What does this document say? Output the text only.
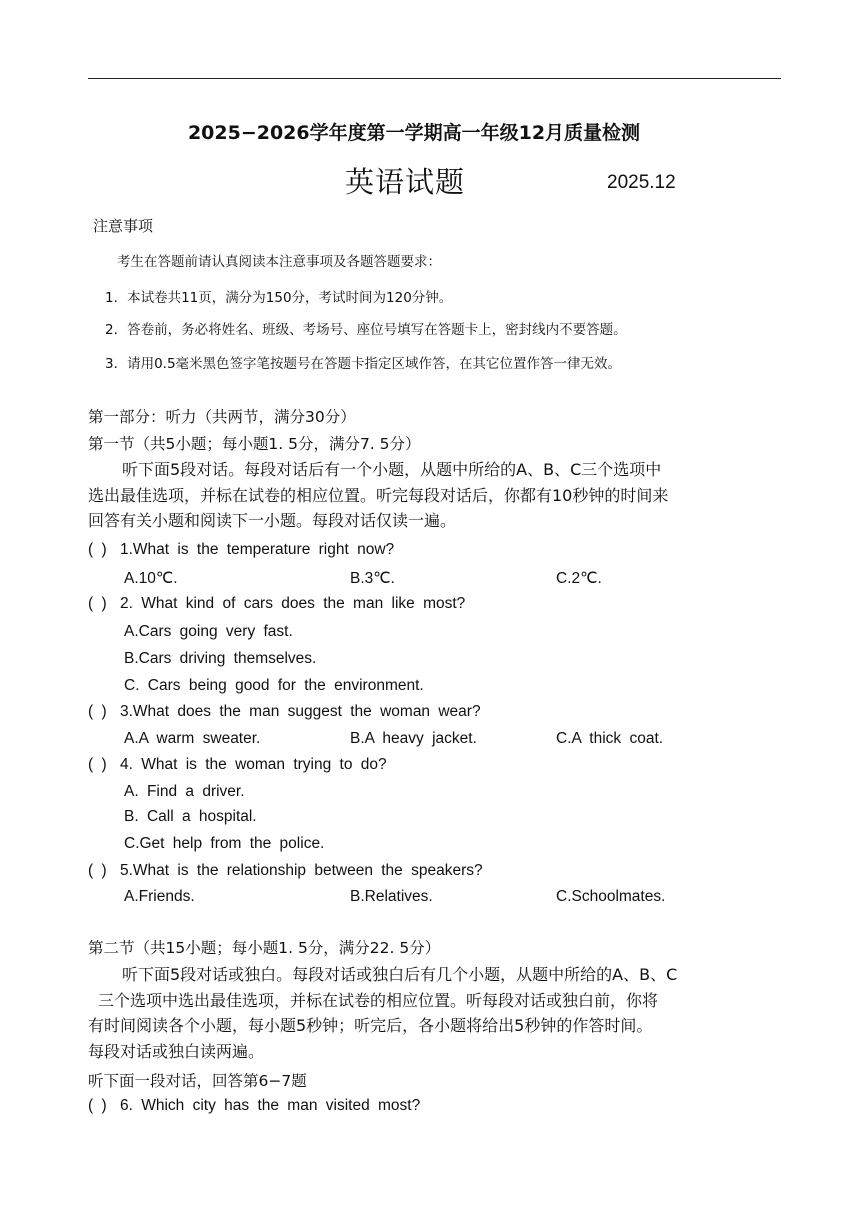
2025−2026学年度第一学期高一年级12月质量检测
英语试题	2025.12
注意事项
考生在答题前请认真阅读本注意事项及各题答题要求：
1．本试卷共11页，满分为150分，考试时间为120分钟。
2．答卷前，务必将姓名、班级、考场号、座位号填写在答题卡上，密封线内不要答题。
3．请用0.5毫米黑色签字笔按题号在答题卡指定区域作答，在其它位置作答一律无效。
第一部分：听力（共两节，满分30分）
第一节（共5小题；每小题1. 5分，满分7. 5分）

听下面5段对话。每段对话后有一个小题，从题中所给的A、B、C三个选项中

选出最佳选项，并标在试卷的相应位置。听完每段对话后，你都有10秒钟的时间来

回答有关小题和阅读下一小题。每段对话仅读一遍。

( ) 1.What is the temperature right now?
A.10℃.	B.3℃.	C.2℃.
( ) 2. What kind of cars does the man like most?
A.Cars going very fast.
B.Cars driving themselves.
C. Cars being good for the environment.
( ) 3.What does the man suggest the woman wear?
A.A warm sweater.	B.A heavy jacket.	C.A thick coat.
( ) 4. What is the woman trying to do?
A. Find a driver.
B. Call a hospital.
C.Get help from the police.
( ) 5.What is the relationship between the speakers?
A.Friends.	B.Relatives.	C.Schoolmates.
第二节（共15小题；每小题1. 5分，满分22. 5分）

听下面5段对话或独白。每段对话或独白后有几个小题，从题中所给的A、B、C

三个选项中选出最佳选项，并标在试卷的相应位置。听每段对话或独白前，你将

有时间阅读各个小题，每小题5秒钟；听完后，各小题将给出5秒钟的作答时间。

每段对话或独白读两遍。

听下面一段对话，回答第6−7题
( ) 6. Which city has the man visited most?
